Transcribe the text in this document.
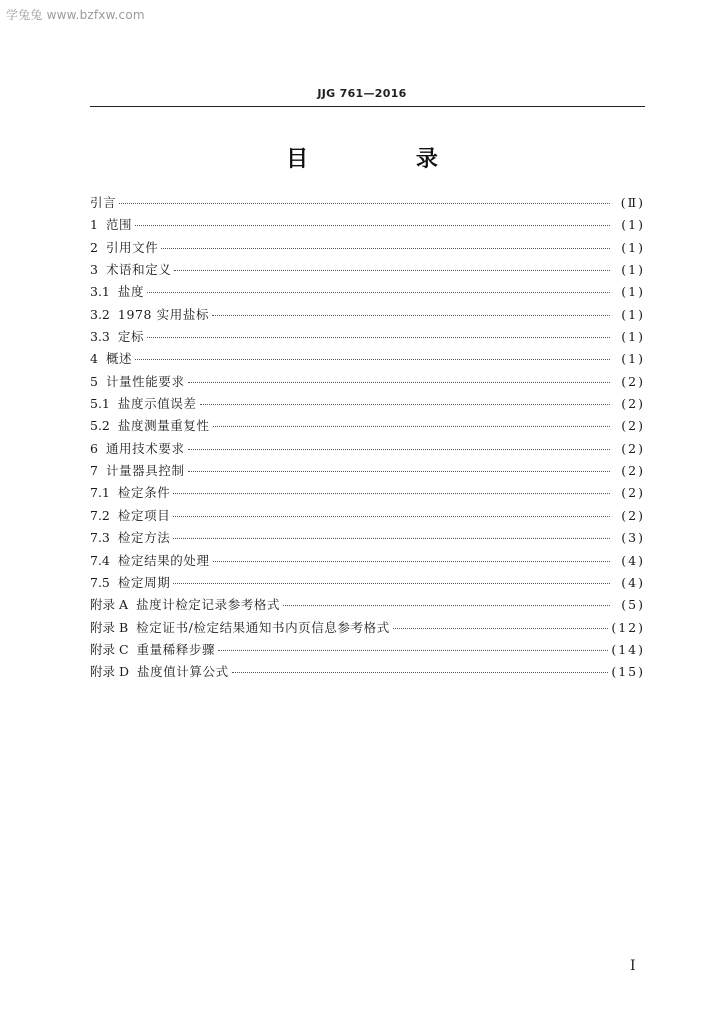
学兔兔 www.bzfxw.com
JJG 761—2016
目 录
引言	(Ⅱ)
1 范围	(1)
2 引用文件	(1)
3 术语和定义	(1)
3.1 盐度	(1)
3.2 1978 实用盐标	(1)
3.3 定标	(1)
4 概述	(1)
5 计量性能要求	(2)
5.1 盐度示值误差	(2)
5.2 盐度测量重复性	(2)
6 通用技术要求	(2)
7 计量器具控制	(2)
7.1 检定条件	(2)
7.2 检定项目	(2)
7.3 检定方法	(3)
7.4 检定结果的处理	(4)
7.5 检定周期	(4)
附录 A 盐度计检定记录参考格式	(5)
附录 B 检定证书/检定结果通知书内页信息参考格式	(12)
附录 C 重量稀释步骤	(14)
附录 D 盐度值计算公式	(15)
Ⅰ
